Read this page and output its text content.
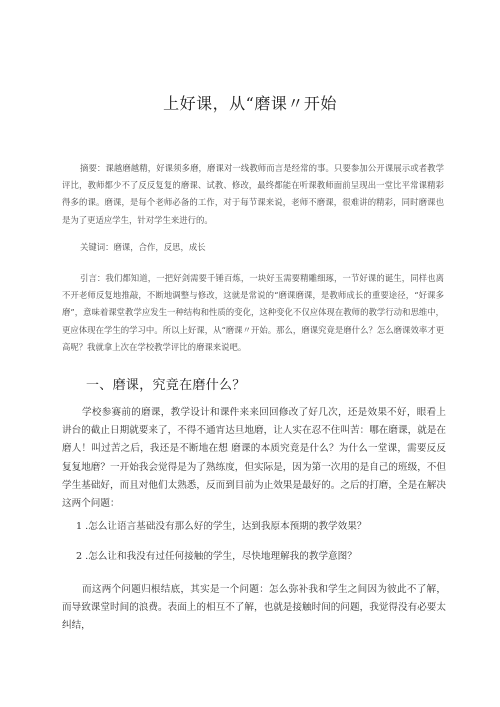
上好课，从“磨课〃开始

摘要：课越磨越精，好课须多磨，磨课对一线教师而言是经常的事。只要参加公开课展示或者教学评比，教师都少不了反反复复的磨课、试教、修改，最终都能在听课教师面前呈现出一堂比平常课精彩得多的课。磨课，是每个老师必备的工作，对于每节课来说，老师不磨课，很难讲的精彩，同时磨课也是为了更适应学生，针对学生来进行的。

关键词：磨课，合作，反思，成长

引言：我们都知道，一把好剑需要千锤百炼，一块好玉需要精雕细琢，一节好课的诞生，同样也离不开老师反复地推敲，不断地调整与修改，这就是常说的“磨课磨课，是教师成长的重要途径，“好课多磨”，意味着课堂教学应发生一种结构和性质的变化，这种变化不仅应体现在教师的教学行动和思维中，更应体现在学生的学习中。所以上好课，从“磨课〃开始。那么，磨课究竟是磨什么？怎么磨课效率才更高呢？我就拿上次在学校教学评比的磨课来说吧。

一、磨课，究竟在磨什么？

学校参赛前的磨课，教学设计和课件来来回回修改了好几次，还是效果不好，眼看上讲台的截止日期就要来了，不得不通宵达旦地磨，让人实在忍不住叫苦：哪在磨课，就是在磨人！叫过苦之后，我还是不断地在想 磨课的本质究竟是什么？为什么一堂课，需要反反复复地磨？一开始我会觉得是为了熟练度，但实际是，因为第一次用的是自己的班级，不但学生基础好，而且对他们太熟悉，反而到目前为止效果是最好的。之后的打磨，全是在解决这两个问题：

1 .怎么让语言基础没有那么好的学生，达到我原本预期的教学效果？

2 .怎么让和我没有过任何接触的学生，尽快地理解我的教学意图？

而这两个问题归根结底，其实是一个问题：怎么弥补我和学生之间因为彼此不了解，而导致课堂时间的浪费。表面上的相互不了解，也就是接触时间的问题，我觉得没有必要太纠结，
